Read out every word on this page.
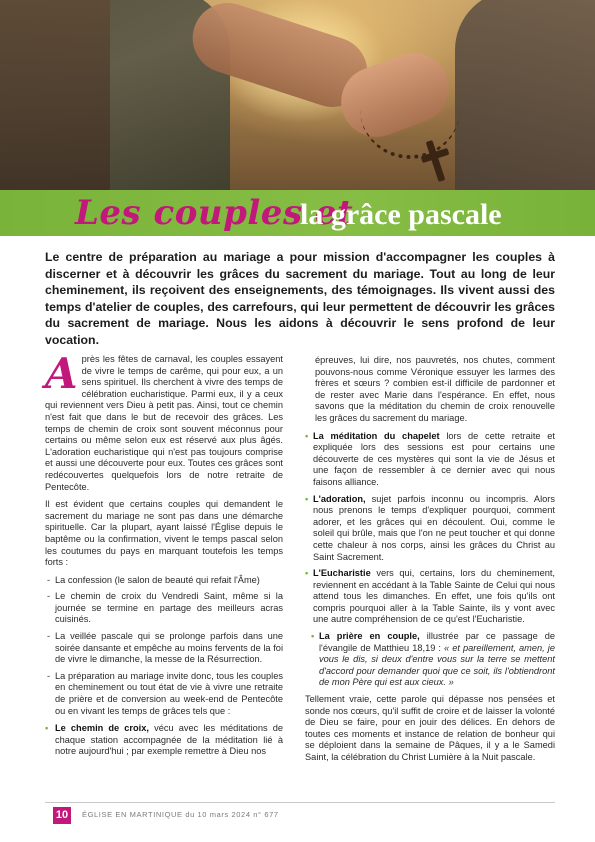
Les couples et
la grâce pascale
Le centre de préparation au mariage a pour mission d'accompagner les couples à discerner et à découvrir les grâces du sacrement du mariage. Tout au long de leur cheminement, ils reçoivent des enseignements, des témoignages. Ils vivent aussi des temps d'atelier de couples, des carrefours, qui leur permettent de découvrir les grâces du sacrement de mariage. Nous les aidons à découvrir le sens profond de leur vocation.

Après les fêtes de carnaval, les couples essayent de vivre le temps de carême, qui pour eux, a un sens spirituel. Ils cherchent à vivre des temps de célébration eucharistique. Parmi eux, il y a ceux qui reviennent vers Dieu à petit pas. Ainsi, tout ce chemin n'est fait que dans le but de recevoir des grâces. Les temps de chemin de croix sont souvent méconnus pour certains ou même selon eux est réservé aux plus âgés. L'adoration eucharistique qui n'est pas toujours comprise et aussi une découverte pour eux. Toutes ces grâces sont redécouvertes quelquefois lors de notre retraite de Pentecôte.

Il est évident que certains couples qui demandent le sacrement du mariage ne sont pas dans une démarche spirituelle. Car la plupart, ayant laissé l'Église depuis le baptême ou la confirmation, vivent le temps pascal selon les coutumes du pays en marquant toutefois les temps forts :

- La confession (le salon de beauté qui refait l'Âme)
- Le chemin de croix du Vendredi Saint, même si la journée se termine en partage des meilleurs acras cuisinés.
- La veillée pascale qui se prolonge parfois dans une soirée dansante et empêche au moins fervents de la foi de vivre le dimanche, la messe de la Résurrection.
- La préparation au mariage invite donc, tous les couples en cheminement ou tout état de vie à vivre une retraite de prière et de conversion au week-end de Pentecôte ou en vivant les temps de grâces tels que :
• Le chemin de croix, vécu avec les méditations de chaque station accompagnée de la méditation lié à notre aujourd'hui ; par exemple remettre à Dieu nos

épreuves, lui dire, nos pauvretés, nos chutes, comment pouvons-nous comme Véronique essuyer les larmes des frères et sœurs ? combien est-il difficile de pardonner et de rester avec Marie dans l'espérance. En effet, nous savons que la méditation du chemin de croix renouvelle les grâces du sacrement du mariage.

• La méditation du chapelet lors de cette retraite et expliquée lors des sessions est pour certains une découverte de ces mystères qui sont la vie de Jésus et une façon de ressembler à ce dernier avec qui nous faisons alliance.
• L'adoration, sujet parfois inconnu ou incompris. Alors nous prenons le temps d'expliquer pourquoi, comment adorer, et les grâces qui en découlent. Oui, comme le soleil qui brûle, mais que l'on ne peut toucher et qui donne cette chaleur à nos corps, ainsi les grâces du Christ au Saint Sacrement.
• L'Eucharistie vers qui, certains, lors du cheminement, reviennent en accédant à la Table Sainte de Celui qui nous attend tous les dimanches. En effet, une fois qu'ils ont compris pourquoi aller à la Table Sainte, ils y vont avec une autre compréhension de ce qu'est l'Eucharistie.
• La prière en couple, illustrée par ce passage de l'évangile de Matthieu 18,19 : « et pareillement, amen, je vous le dis, si deux d'entre vous sur la terre se mettent d'accord pour demander quoi que ce soit, ils l'obtiendront de mon Père qui est aux cieux. »

Tellement vraie, cette parole qui dépasse nos pensées et sonde nos cœurs, qu'il suffit de croire et de laisser la volonté de Dieu se faire, pour en jouir des délices. En dehors de toutes ces moments et instance de relation de bonheur qui se déploient dans la semaine de Pâques, il y a le Samedi Saint, la célébration du Christ Lumière à la Nuit pascale.

10	ÉGLISE EN MARTINIQUE du 10 mars 2024 n° 677
